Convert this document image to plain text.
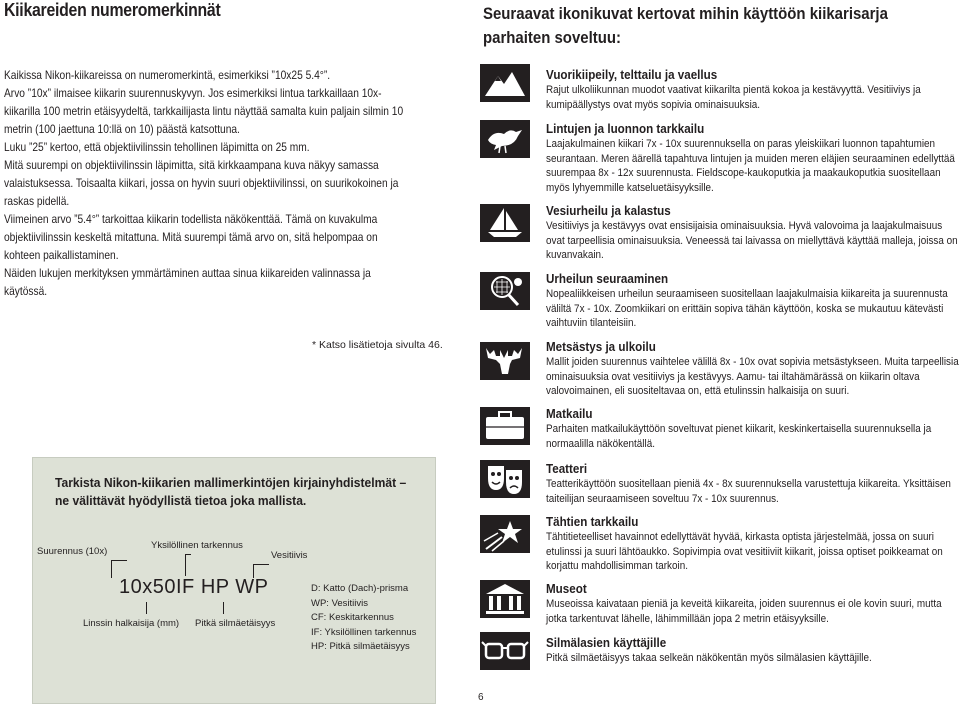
Kiikareiden numeromerkinnät

Kaikissa Nikon-kiikareissa on numeromerkintä, esimerkiksi ”10x25 5.4°”.

Arvo ”10x” ilmaisee kiikarin suurennuskyvyn. Jos esimerkiksi lintua tarkkaillaan 10x-kiikarilla 100 metrin etäisyydeltä, tarkkailijasta lintu näyttää samalta kuin paljain silmin 10 metrin (100 jaettuna 10:llä on 10) päästä katsottuna.

Luku ”25” kertoo, että objektiivilinssin tehollinen läpimitta on 25 mm.

Mitä suurempi on objektiivilinssin läpimitta, sitä kirkkaampana kuva näkyy samassa valaistuksessa. Toisaalta kiikari, jossa on hyvin suuri objektiivilinssi, on suurikokoinen ja raskas pidellä.

Viimeinen arvo ”5.4°” tarkoittaa kiikarin todellista näkökenttää. Tämä on kuvakulma objektiivilinssin keskeltä mitattuna. Mitä suurempi tämä arvo on, sitä helpompaa on kohteen paikallistaminen.

Näiden lukujen merkityksen ymmärtäminen auttaa sinua kiikareiden valinnassa ja käytössä.

* Katso lisätietoja sivulta 46.
Tarkista Nikon-kiikarien mallimerkintöjen kirjainyhdistelmät – ne välittävät hyödyllistä tietoa joka mallista.
Suurennus (10x)
Yksilöllinen tarkennus
Vesitiivis
10x50IF HP WP
Linssin halkaisija (mm) Pitkä silmäetäisyys
D: Katto (Dach)-prisma
WP: Vesitiivis
CF: Keskitarkennus
IF: Yksilöllinen tarkennus
HP: Pitkä silmäetäisyys
Seuraavat ikonikuvat kertovat mihin käyttöön kiikarisarja parhaiten soveltuu:
Vuorikiipeily, telttailu ja vaellus
Rajut ulkoliikunnan muodot vaativat kiikarilta pientä kokoa ja kestävyyttä. Vesitiiviys ja kumipäällystys ovat myös sopivia ominaisuuksia.
Lintujen ja luonnon tarkkailu
Laajakulmainen kiikari 7x - 10x suurennuksella on paras yleiskiikari luonnon tapahtumien seurantaan. Meren äärellä tapahtuva lintujen ja muiden meren eläjien seuraaminen edellyttää suurempaa 8x - 12x suurennusta. Fieldscope-kaukoputkia ja maakaukoputkia suositellaan myös lyhyemmille katseluetäisyyksille.
Vesiurheilu ja kalastus
Vesitiiviys ja kestävyys ovat ensisijaisia ominaisuuksia. Hyvä valovoima ja laajakulmaisuus ovat tarpeellisia ominaisuuksia. Veneessä tai laivassa on miellyttävä käyttää malleja, joissa on kuvanvakain.
Urheilun seuraaminen
Nopealiikkeisen urheilun seuraamiseen suositellaan laajakulmaisia kiikareita ja suurennusta väliltä 7x - 10x. Zoomkiikari on erittäin sopiva tähän käyttöön, koska se mukautuu kätevästi vaihtuviin tilanteisiin.
Metsästys ja ulkoilu
Mallit joiden suurennus vaihtelee välillä 8x - 10x ovat sopivia metsästykseen. Muita tarpeellisia ominaisuuksia ovat vesitiiviys ja kestävyys. Aamu- tai iltahämärässä on kiikarin oltava valovoimainen, eli suositeltavaa on, että etulinssin halkaisija on suuri.
Matkailu
Parhaiten matkailukäyttöön soveltuvat pienet kiikarit, keskinkertaisella suurennuksella ja normaalilla näkökentällä.
Teatteri
Teatterikäyttöön suositellaan pieniä 4x - 8x suurennuksella varustettuja kiikareita. Yksittäisen taiteilijan seuraamiseen soveltuu 7x - 10x suurennus.
Tähtien tarkkailu
Tähtitieteelliset havainnot edellyttävät hyvää, kirkasta optista järjestelmää, jossa on suuri etulinssi ja suuri lähtöaukko. Sopivimpia ovat vesitiiviit kiikarit, joissa optiset poikkeamat on korjattu mahdollisimman tarkoin.
Museot
Museoissa kaivataan pieniä ja keveitä kiikareita, joiden suurennus ei ole kovin suuri, mutta jotka tarkentuvat lähelle, lähimmillään jopa 2 metrin etäisyyksille.
Silmälasien käyttäjille
Pitkä silmäetäisyys takaa selkeän näkökentän myös silmälasien käyttäjille.
6
